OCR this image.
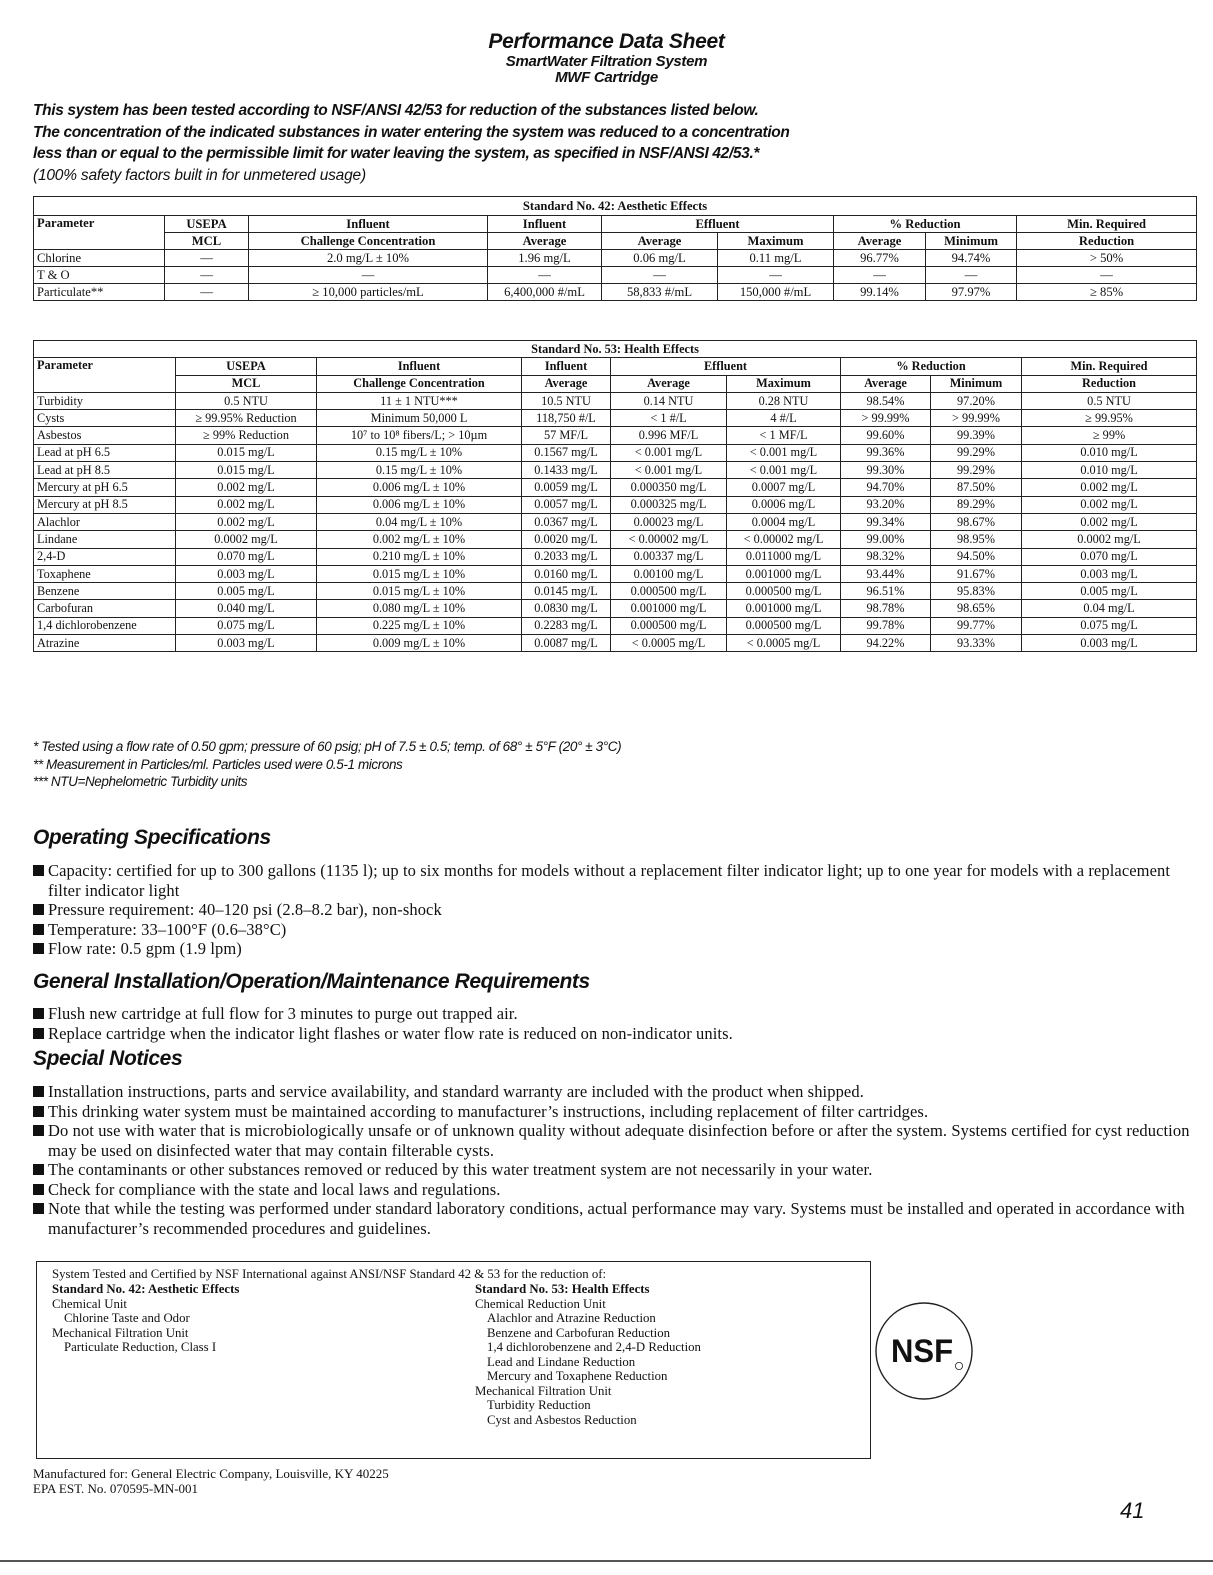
Performance Data Sheet
SmartWater Filtration System
MWF Cartridge
This system has been tested according to NSF/ANSI 42/53 for reduction of the substances listed below.
The concentration of the indicated substances in water entering the system was reduced to a concentration
less than or equal to the permissible limit for water leaving the system, as specified in NSF/ANSI 42/53.*
(100% safety factors built in for unmetered usage)
Standard No. 42: Aesthetic Effects								
Parameter	USEPA	Influent	Influent	Effluent		% Reduction		Min. Required
	MCL	Challenge Concentration	Average	Average	Maximum	Average	Minimum	Reduction
Chlorine	—	2.0 mg/L ± 10%	1.96 mg/L	0.06 mg/L	0.11 mg/L	96.77%	94.74%	> 50%
T & O	—	—	—	—	—	—	—	—
Particulate**	—	≥ 10,000 particles/mL	6,400,000 #/mL	58,833 #/mL	150,000 #/mL	99.14%	97.97%	≥ 85%
Standard No. 53: Health Effects								
Parameter	USEPA	Influent	Influent	Effluent		% Reduction		Min. Required
	MCL	Challenge Concentration	Average	Average	Maximum	Average	Minimum	Reduction
Turbidity	0.5 NTU	11 ± 1 NTU***	10.5 NTU	0.14 NTU	0.28 NTU	98.54%	97.20%	0.5 NTU
Cysts	≥ 99.95% Reduction	Minimum 50,000 L	118,750 #/L	< 1 #/L	4 #/L	> 99.99%	> 99.99%	≥ 99.95%
Asbestos	≥ 99% Reduction	10⁷ to 10⁸ fibers/L; > 10µm	57 MF/L	0.996 MF/L	< 1 MF/L	99.60%	99.39%	≥ 99%
Lead at pH 6.5	0.015 mg/L	0.15 mg/L ± 10%	0.1567 mg/L	< 0.001 mg/L	< 0.001 mg/L	99.36%	99.29%	0.010 mg/L
Lead at pH 8.5	0.015 mg/L	0.15 mg/L ± 10%	0.1433 mg/L	< 0.001 mg/L	< 0.001 mg/L	99.30%	99.29%	0.010 mg/L
Mercury at pH 6.5	0.002 mg/L	0.006 mg/L ± 10%	0.0059 mg/L	0.000350 mg/L	0.0007 mg/L	94.70%	87.50%	0.002 mg/L
Mercury at pH 8.5	0.002 mg/L	0.006 mg/L ± 10%	0.0057 mg/L	0.000325 mg/L	0.0006 mg/L	93.20%	89.29%	0.002 mg/L
Alachlor	0.002 mg/L	0.04 mg/L ± 10%	0.0367 mg/L	0.00023 mg/L	0.0004 mg/L	99.34%	98.67%	0.002 mg/L
Lindane	0.0002 mg/L	0.002 mg/L ± 10%	0.0020 mg/L	< 0.00002 mg/L	< 0.00002 mg/L	99.00%	98.95%	0.0002 mg/L
2,4-D	0.070 mg/L	0.210 mg/L ± 10%	0.2033 mg/L	0.00337 mg/L	0.011000 mg/L	98.32%	94.50%	0.070 mg/L
Toxaphene	0.003 mg/L	0.015 mg/L ± 10%	0.0160 mg/L	0.00100 mg/L	0.001000 mg/L	93.44%	91.67%	0.003 mg/L
Benzene	0.005 mg/L	0.015 mg/L ± 10%	0.0145 mg/L	0.000500 mg/L	0.000500 mg/L	96.51%	95.83%	0.005 mg/L
Carbofuran	0.040 mg/L	0.080 mg/L ± 10%	0.0830 mg/L	0.001000 mg/L	0.001000 mg/L	98.78%	98.65%	0.04 mg/L
1,4 dichlorobenzene	0.075 mg/L	0.225 mg/L ± 10%	0.2283 mg/L	0.000500 mg/L	0.000500 mg/L	99.78%	99.77%	0.075 mg/L
Atrazine	0.003 mg/L	0.009 mg/L ± 10%	0.0087 mg/L	< 0.0005 mg/L	< 0.0005 mg/L	94.22%	93.33%	0.003 mg/L
* Tested using a flow rate of 0.50 gpm; pressure of 60 psig; pH of 7.5 ± 0.5; temp. of 68° ± 5°F (20° ± 3°C)
** Measurement in Particles/ml. Particles used were 0.5-1 microns
*** NTU=Nephelometric Turbidity units
Operating Specifications
Capacity: certified for up to 300 gallons (1135 l); up to six months for models without a replacement filter indicator light; up to one year for models with a replacement filter indicator light
Pressure requirement: 40–120 psi (2.8–8.2 bar), non-shock
Temperature: 33–100°F (0.6–38°C)
Flow rate: 0.5 gpm (1.9 lpm)
General Installation/Operation/Maintenance Requirements
Flush new cartridge at full flow for 3 minutes to purge out trapped air.
Replace cartridge when the indicator light flashes or water flow rate is reduced on non-indicator units.
Special Notices
Installation instructions, parts and service availability, and standard warranty are included with the product when shipped.
This drinking water system must be maintained according to manufacturer’s instructions, including replacement of filter cartridges.
Do not use with water that is microbiologically unsafe or of unknown quality without adequate disinfection before or after the system. Systems certified for cyst reduction may be used on disinfected water that may contain filterable cysts.
The contaminants or other substances removed or reduced by this water treatment system are not necessarily in your water.
Check for compliance with the state and local laws and regulations.
Note that while the testing was performed under standard laboratory conditions, actual performance may vary. Systems must be installed and operated in accordance with manufacturer’s recommended procedures and guidelines.
System Tested and Certified by NSF International against ANSI/NSF Standard 42 & 53 for the reduction of:
Standard No. 42: Aesthetic Effects
Chemical Unit
Chlorine Taste and Odor
Mechanical Filtration Unit
Particulate Reduction, Class I
Standard No. 53: Health Effects
Chemical Reduction Unit
Alachlor and Atrazine Reduction
Benzene and Carbofuran Reduction
1,4 dichlorobenzene and 2,4-D Reduction
Lead and Lindane Reduction
Mercury and Toxaphene Reduction
Mechanical Filtration Unit
Turbidity Reduction
Cyst and Asbestos Reduction
NSF
Manufactured for: General Electric Company, Louisville, KY 40225
EPA EST. No. 070595-MN-001
41
